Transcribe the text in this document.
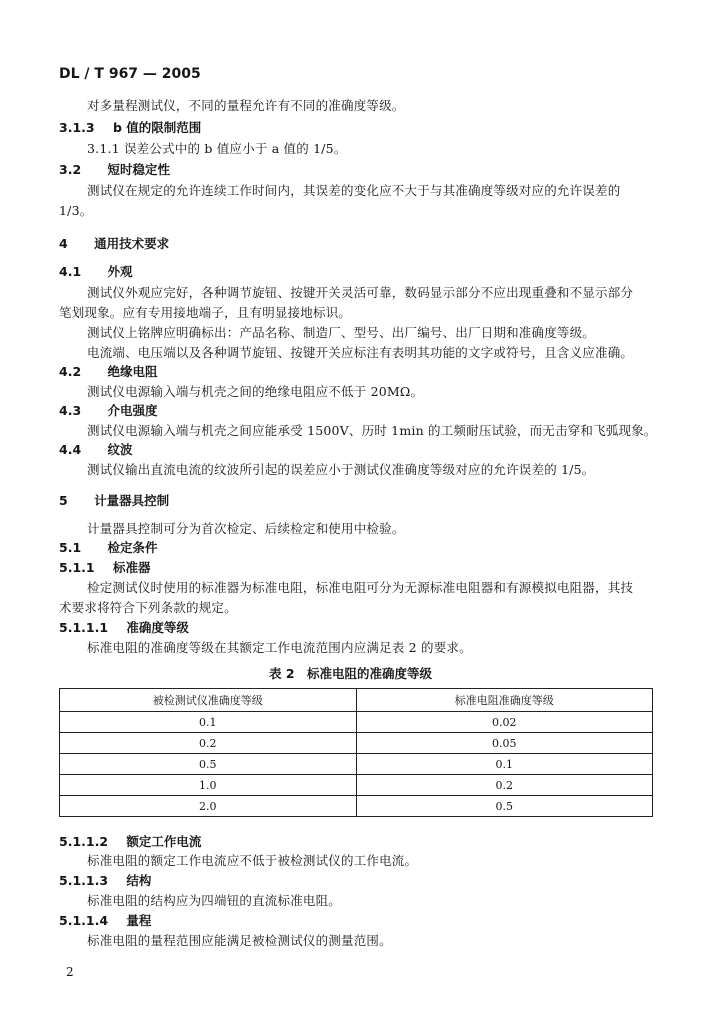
DL / T 967 — 2005
对多量程测试仪，不同的量程允许有不同的准确度等级。
3.1.3 b 值的限制范围
3.1.1 误差公式中的 b 值应小于 a 值的 1/5。
3.2 短时稳定性
测试仪在规定的允许连续工作时间内，其误差的变化应不大于与其准确度等级对应的允许误差的
1/3。
4 通用技术要求
4.1 外观
测试仪外观应完好，各种调节旋钮、按键开关灵活可靠，数码显示部分不应出现重叠和不显示部分
笔划现象。应有专用接地端子，且有明显接地标识。
测试仪上铭牌应明确标出：产品名称、制造厂、型号、出厂编号、出厂日期和准确度等级。
电流端、电压端以及各种调节旋钮、按键开关应标注有表明其功能的文字或符号，且含义应准确。
4.2 绝缘电阻
测试仪电源输入端与机壳之间的绝缘电阻应不低于 20MΩ。
4.3 介电强度
测试仪电源输入端与机壳之间应能承受 1500V、历时 1min 的工频耐压试验，而无击穿和飞弧现象。
4.4 纹波
测试仪输出直流电流的纹波所引起的误差应小于测试仪准确度等级对应的允许误差的 1/5。
5 计量器具控制
计量器具控制可分为首次检定、后续检定和使用中检验。
5.1 检定条件
5.1.1 标准器
检定测试仪时使用的标准器为标准电阻，标准电阻可分为无源标准电阻器和有源模拟电阻器，其技
术要求将符合下列条款的规定。
5.1.1.1 准确度等级
标准电阻的准确度等级在其额定工作电流范围内应满足表 2 的要求。
表 2　标准电阻的准确度等级
被检测试仪准确度等级	标准电阻准确度等级
0.1	0.02
0.2	0.05
0.5	0.1
1.0	0.2
2.0	0.5
5.1.1.2 额定工作电流
标准电阻的额定工作电流应不低于被检测试仪的工作电流。
5.1.1.3 结构
标准电阻的结构应为四端钮的直流标准电阻。
5.1.1.4 量程
标准电阻的量程范围应能满足被检测试仪的测量范围。
2
